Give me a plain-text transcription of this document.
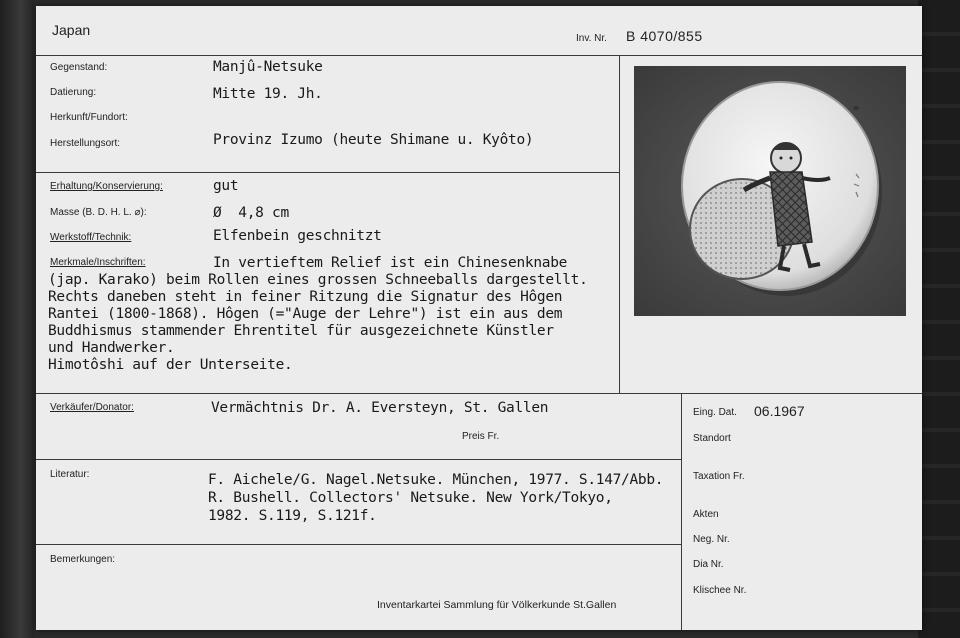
Japan
Inv. Nr. B 4070/855
Gegenstand:	Manjû-Netsuke
Datierung:	Mitte 19. Jh.
Herkunft/Fundort:
Herstellungsort:	Provinz Izumo (heute Shimane u. Kyôto)
Erhaltung/Konservierung:	gut
Masse (B. D. H. L. ⌀):	Ø  4,8 cm
Werkstoff/Technik:	Elfenbein geschnitzt
Merkmale/Inschriften:	In vertieftem Relief ist ein Chinesenknabe
(jap. Karako) beim Rollen eines grossen Schneeballs dargestellt.
Rechts daneben steht in feiner Ritzung die Signatur des Hôgen
Rantei (1800-1868). Hôgen (="Auge der Lehre") ist ein aus dem
Buddhismus stammender Ehrentitel für ausgezeichnete Künstler
und Handwerker.
Himotôshi auf der Unterseite.
Verkäufer/Donator:	Vermächtnis Dr. A. Eversteyn, St. Gallen
Preis Fr.
Literatur:	F. Aichele/G. Nagel.Netsuke. München, 1977. S.147/Abb.
R. Bushell. Collectors' Netsuke. New York/Tokyo,
1982. S.119, S.121f.
Bemerkungen:
Eing. Dat. 06.1967
Standort
Taxation Fr.
Akten
Neg. Nr.
Dia Nr.
Klischee Nr.
Inventarkartei Sammlung für Völkerkunde St.Gallen
